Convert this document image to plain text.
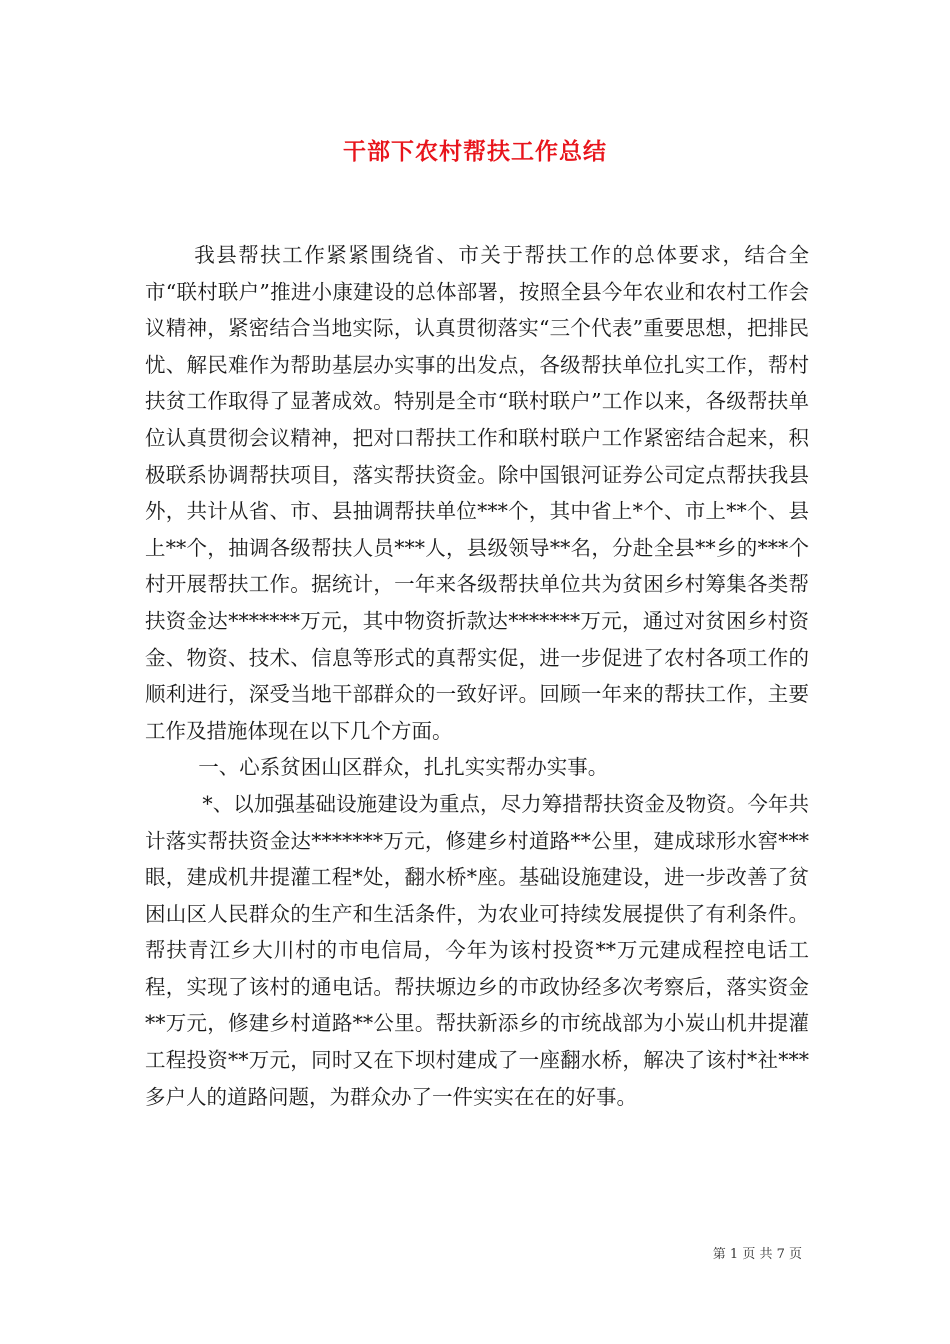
干部下农村帮扶工作总结

我县帮扶工作紧紧围绕省、市关于帮扶工作的总体要求，结合全市“联村联户”推进小康建设的总体部署，按照全县今年农业和农村工作会议精神，紧密结合当地实际，认真贯彻落实“三个代表”重要思想，把排民忧、解民难作为帮助基层办实事的出发点，各级帮扶单位扎实工作，帮村扶贫工作取得了显著成效。特别是全市“联村联户”工作以来，各级帮扶单位认真贯彻会议精神，把对口帮扶工作和联村联户工作紧密结合起来，积极联系协调帮扶项目，落实帮扶资金。除中国银河证券公司定点帮扶我县外，共计从省、市、县抽调帮扶单位***个，其中省上*个、市上**个、县上**个，抽调各级帮扶人员***人，县级领导**名，分赴全县**乡的***个村开展帮扶工作。据统计，一年来各级帮扶单位共为贫困乡村筹集各类帮扶资金达*******万元，其中物资折款达*******万元，通过对贫困乡村资金、物资、技术、信息等形式的真帮实促，进一步促进了农村各项工作的顺利进行，深受当地干部群众的一致好评。回顾一年来的帮扶工作，主要工作及措施体现在以下几个方面。

一、心系贫困山区群众，扎扎实实帮办实事。

*、以加强基础设施建设为重点，尽力筹措帮扶资金及物资。今年共计落实帮扶资金达*******万元，修建乡村道路**公里，建成球形水窖***眼，建成机井提灌工程*处，翻水桥*座。基础设施建设，进一步改善了贫困山区人民群众的生产和生活条件，为农业可持续发展提供了有利条件。帮扶青江乡大川村的市电信局，今年为该村投资**万元建成程控电话工程，实现了该村的通电话。帮扶塬边乡的市政协经多次考察后，落实资金**万元，修建乡村道路**公里。帮扶新添乡的市统战部为小炭山机井提灌工程投资**万元，同时又在下坝村建成了一座翻水桥，解决了该村*社***多户人的道路问题，为群众办了一件实实在在的好事。

第 1 页 共 7 页
